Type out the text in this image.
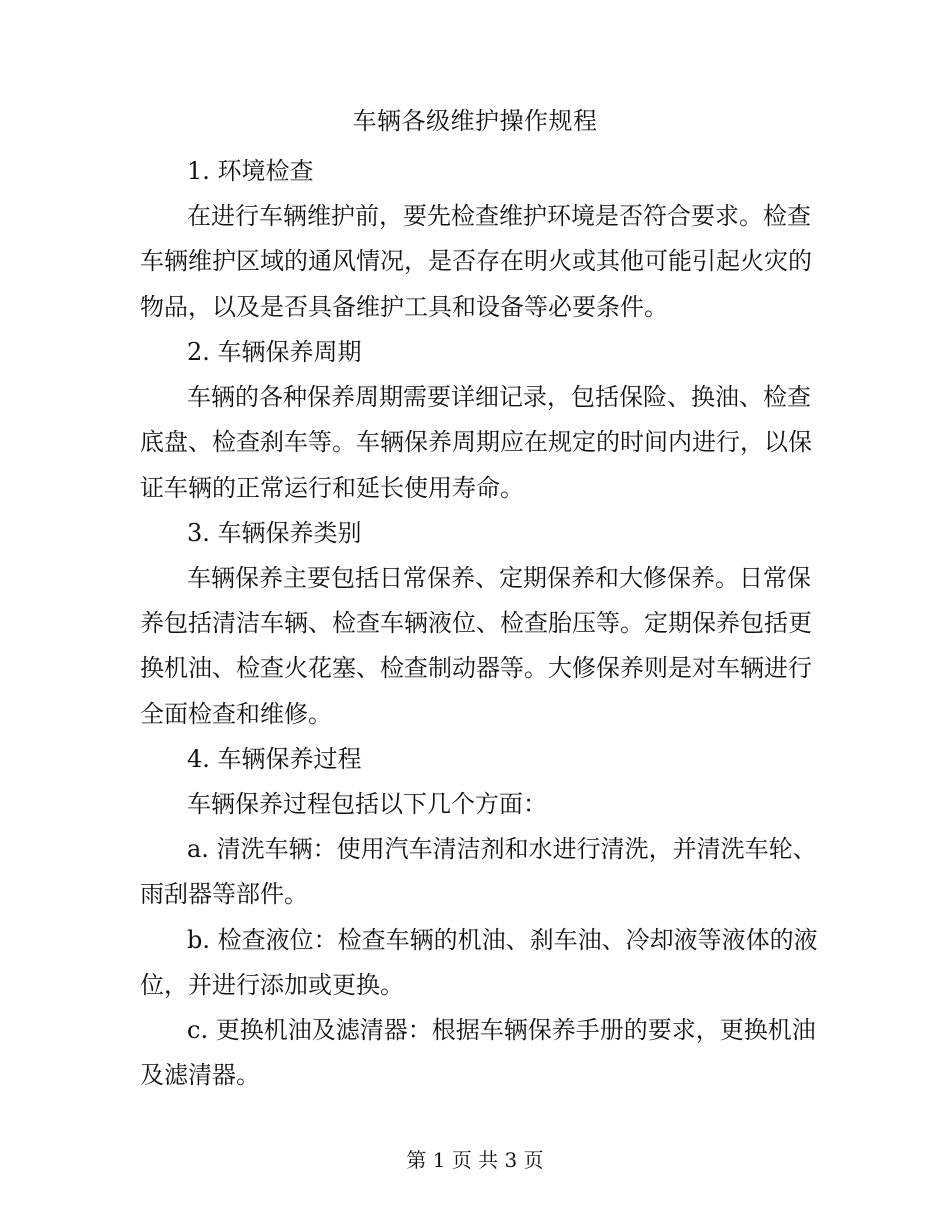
车辆各级维护操作规程

1. 环境检查

在进行车辆维护前，要先检查维护环境是否符合要求。检查

车辆维护区域的通风情况，是否存在明火或其他可能引起火灾的

物品，以及是否具备维护工具和设备等必要条件。

2. 车辆保养周期

车辆的各种保养周期需要详细记录，包括保险、换油、检查

底盘、检查刹车等。车辆保养周期应在规定的时间内进行，以保

证车辆的正常运行和延长使用寿命。

3. 车辆保养类别

车辆保养主要包括日常保养、定期保养和大修保养。日常保

养包括清洁车辆、检查车辆液位、检查胎压等。定期保养包括更

换机油、检查火花塞、检查制动器等。大修保养则是对车辆进行

全面检查和维修。

4. 车辆保养过程

车辆保养过程包括以下几个方面：

a. 清洗车辆：使用汽车清洁剂和水进行清洗，并清洗车轮、

雨刮器等部件。

b. 检查液位：检查车辆的机油、刹车油、冷却液等液体的液

位，并进行添加或更换。

c. 更换机油及滤清器：根据车辆保养手册的要求，更换机油

及滤清器。

第 1 页 共 3 页
